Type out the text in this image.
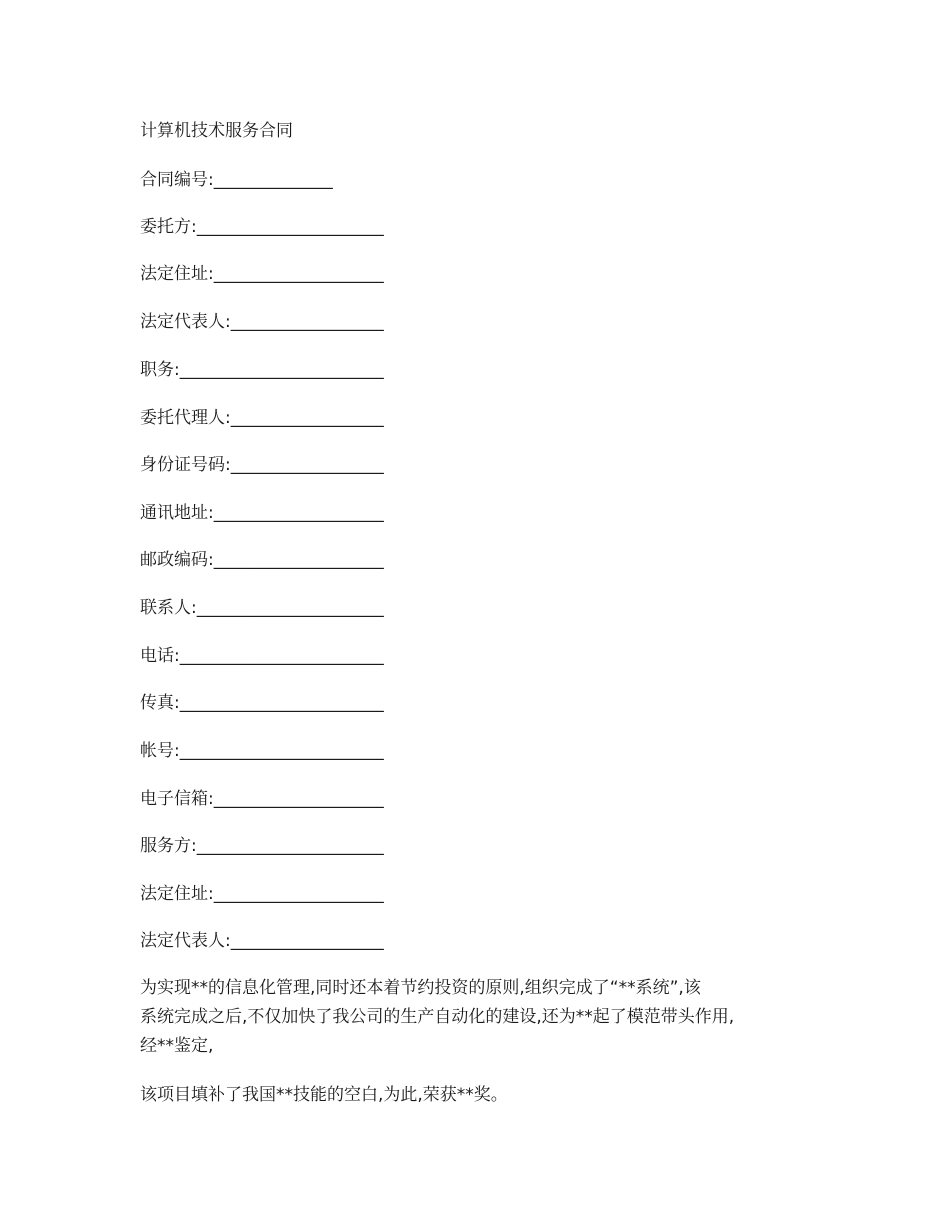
计算机技术服务合同
合同编号:______________
委托方:______________________
法定住址:____________________
法定代表人:__________________
职务:________________________
委托代理人:__________________
身份证号码:__________________
通讯地址:____________________
邮政编码:____________________
联系人:______________________
电话:________________________
传真:________________________
帐号:________________________
电子信箱:____________________
服务方:______________________
法定住址:____________________
法定代表人:__________________
为实现**的信息化管理,同时还本着节约投资的原则,组织完成了“**系统”,该
系统完成之后,不仅加快了我公司的生产自动化的建设,还为**起了模范带头作用,
经**鉴定,
该项目填补了我国**技能的空白,为此,荣获**奖。
